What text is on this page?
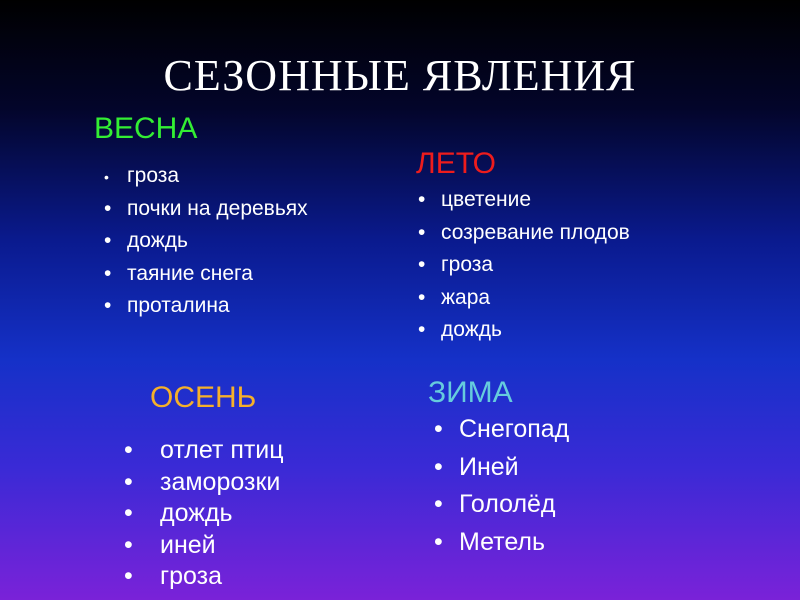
СЕЗОННЫЕ ЯВЛЕНИЯ
ВЕСНА
• гроза
• почки на деревьях
• дождь
• таяние снега
• проталина
ЛЕТО
• цветение
• созревание плодов
• гроза
• жара
• дождь
ОСЕНЬ
• отлет птиц
• заморозки
• дождь
• иней
• гроза
ЗИМА
• Снегопад
• Иней
• Гололёд
• Метель
